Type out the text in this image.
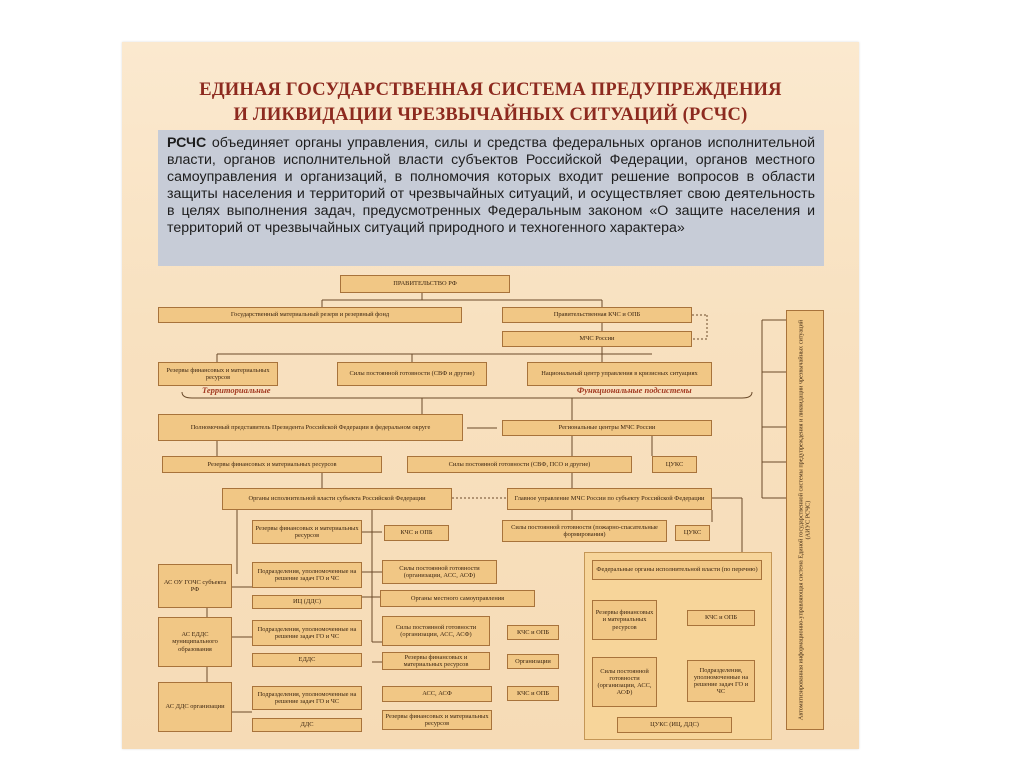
ЕДИНАЯ ГОСУДАРСТВЕННАЯ СИСТЕМА ПРЕДУПРЕЖДЕНИЯ
И ЛИКВИДАЦИИ ЧРЕЗВЫЧАЙНЫХ СИТУАЦИЙ (РСЧС)
РСЧС объединяет органы управления, силы и средства федеральных органов исполнительной власти, органов исполнительной власти субъектов Российской Федерации, органов местного самоуправления и организаций, в полномочия которых входит решение вопросов в области защиты населения и территорий от чрезвычайных ситуаций, и осуществляет свою деятельность в целях выполнения задач, предусмотренных Федеральным законом «О защите населения и территорий от чрезвычайных ситуаций природного и техногенного характера»
ПРАВИТЕЛЬСТВО РФ
Государственный материальный резерв и резервный фонд	Правительственная КЧС и ОПБ
МЧС России
Резервы финансовых и материальных ресурсов
Силы постоянной готовности (СВФ и другие)	Национальный центр управления в кризисных ситуациях
Территориальные	Функциональные подсистемы
Полномочный представитель Президента Российской Федерации в федеральном округе	Региональные центры МЧС России
Резервы финансовых и материальных ресурсов	Силы постоянной готовности (СВФ, ПСО и другие)	ЦУКС
Органы исполнительной власти субъекта Российской Федерации	Главное управление МЧС России по субъекту Российской Федерации
Резервы финансовых и материальных ресурсов	КЧС и ОПБ
Силы постоянной готовности (пожарно-спасательные формирования)	ЦУКС
АС ОУ ГОЧС субъекта РФ
Подразделения, уполномоченные на решение задач ГО и ЧС
Силы постоянной готовности (организации, АСС, АСФ)
ИЦ (ДДС)	Органы местного самоуправления
АС ЕДДС муниципального образования
Подразделения, уполномоченные на решение задач ГО и ЧС
Силы постоянной готовности (организации, АСС, АСФ)	КЧС и ОПБ
ЕДДС	Резервы финансовых и материальных ресурсов	Организации
АС ДДС организации
Подразделения, уполномоченные на решение задач ГО и ЧС
АСС, АСФ	КЧС и ОПБ
ДДС
Резервы финансовых и материальных ресурсов
Федеральные органы исполнительной власти (по перечню)
Резервы финансовых и материальных ресурсов
КЧС и ОПБ
Силы постоянной готовности (организации, АСС, АСФ)
Подразделения, уполномоченные на решение задач ГО и ЧС
ЦУКС (ИЦ, ДДС)
Автоматизированная информационно-управляющая система Единой государственной системы предупреждения и ликвидации чрезвычайных ситуаций (АИУС РСЧС)
